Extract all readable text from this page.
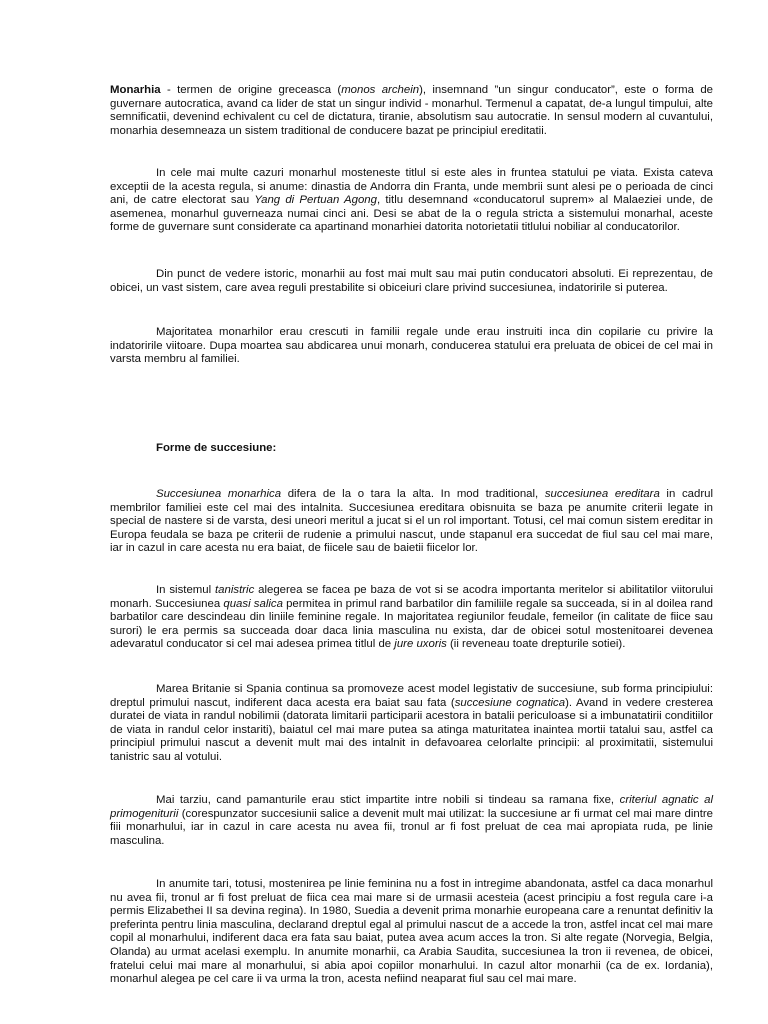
Monarhia - termen de origine greceasca (monos archein), insemnand ”un singur conducator”, este o forma de guvernare autocratica, avand ca lider de stat un singur individ - monarhul. Termenul a capatat, de-a lungul timpului, alte semnificatii, devenind echivalent cu cel de dictatura, tiranie, absolutism sau autocratie. In sensul modern al cuvantului, monarhia desemneaza un sistem traditional de conducere bazat pe principiul ereditatii.

In cele mai multe cazuri monarhul mosteneste titlul si este ales in fruntea statului pe viata. Exista cateva exceptii de la acesta regula, si anume: dinastia de Andorra din Franta, unde membrii sunt alesi pe o perioada de cinci ani, de catre electorat sau Yang di Pertuan Agong, titlu desemnand «conducatorul suprem» al Malaeziei unde, de asemenea, monarhul guverneaza numai cinci ani. Desi se abat de la o regula stricta a sistemului monarhal, aceste forme de guvernare sunt considerate ca apartinand monarhiei datorita notorietatii titlului nobiliar al conducatorilor.

Din punct de vedere istoric, monarhii au fost mai mult sau mai putin conducatori absoluti. Ei reprezentau, de obicei, un vast sistem, care avea reguli prestabilite si obiceiuri clare privind succesiunea, indatoririle si puterea.

Majoritatea monarhilor erau crescuti in familii regale unde erau instruiti inca din copilarie cu privire la indatoririle viitoare. Dupa moartea sau abdicarea unui monarh, conducerea statului era preluata de obicei de cel mai in varsta membru al familiei.

Forme de succesiune:

Succesiunea monarhica difera de la o tara la alta. In mod traditional, succesiunea ereditara in cadrul membrilor familiei este cel mai des intalnita. Succesiunea ereditara obisnuita se baza pe anumite criterii legate in special de nastere si de varsta, desi uneori meritul a jucat si el un rol important. Totusi, cel mai comun sistem ereditar in Europa feudala se baza pe criterii de rudenie a primului nascut, unde stapanul era succedat de fiul sau cel mai mare, iar in cazul in care acesta nu era baiat, de fiicele sau de baietii fiicelor lor.

In sistemul tanistric alegerea se facea pe baza de vot si se acodra importanta meritelor si abilitatilor viitorului monarh. Succesiunea quasi salica permitea in primul rand barbatilor din familiile regale sa succeada, si in al doilea rand barbatilor care descindeau din liniile feminine regale. In majoritatea regiunilor feudale, femeilor (in calitate de fiice sau surori) le era permis sa succeada doar daca linia masculina nu exista, dar de obicei sotul mostenitoarei devenea adevaratul conducator si cel mai adesea primea titlul de jure uxoris (ii reveneau toate drepturile sotiei).

Marea Britanie si Spania continua sa promoveze acest model legistativ de succesiune, sub forma principiului: dreptul primului nascut, indiferent daca acesta era baiat sau fata (succesiune cognatica). Avand in vedere cresterea duratei de viata in randul nobilimii (datorata limitarii participarii acestora in batalii periculoase si a imbunatatirii conditiilor de viata in randul celor instariti), baiatul cel mai mare putea sa atinga maturitatea inaintea mortii tatalui sau, astfel ca principiul primului nascut a devenit mult mai des intalnit in defavoarea celorlalte principii: al proximitatii, sistemului tanistric sau al votului.

Mai tarziu, cand pamanturile erau stict impartite intre nobili si tindeau sa ramana fixe, criteriul agnatic al primogeniturii (corespunzator succesiunii salice a devenit mult mai utilizat: la succesiune ar fi urmat cel mai mare dintre fiii monarhului, iar in cazul in care acesta nu avea fii, tronul ar fi fost preluat de cea mai apropiata ruda, pe linie masculina.

In anumite tari, totusi, mostenirea pe linie feminina nu a fost in intregime abandonata, astfel ca daca monarhul nu avea fii, tronul ar fi fost preluat de fiica cea mai mare si de urmasii acesteia (acest principiu a fost regula care i-a permis Elizabethei II sa devina regina). In 1980, Suedia a devenit prima monarhie europeana care a renuntat definitiv la preferinta pentru linia masculina, declarand dreptul egal al primului nascut de a accede la tron, astfel incat cel mai mare copil al monarhului, indiferent daca era fata sau baiat, putea avea acum acces la tron. Si alte regate (Norvegia, Belgia, Olanda) au urmat acelasi exemplu. In anumite monarhii, ca Arabia Saudita, succesiunea la tron ii revenea, de obicei, fratelui celui mai mare al monarhului, si abia apoi copiilor monarhului. In cazul altor monarhii (ca de ex. Iordania), monarhul alegea pe cel care ii va urma la tron, acesta nefiind neaparat fiul sau cel mai mare.
